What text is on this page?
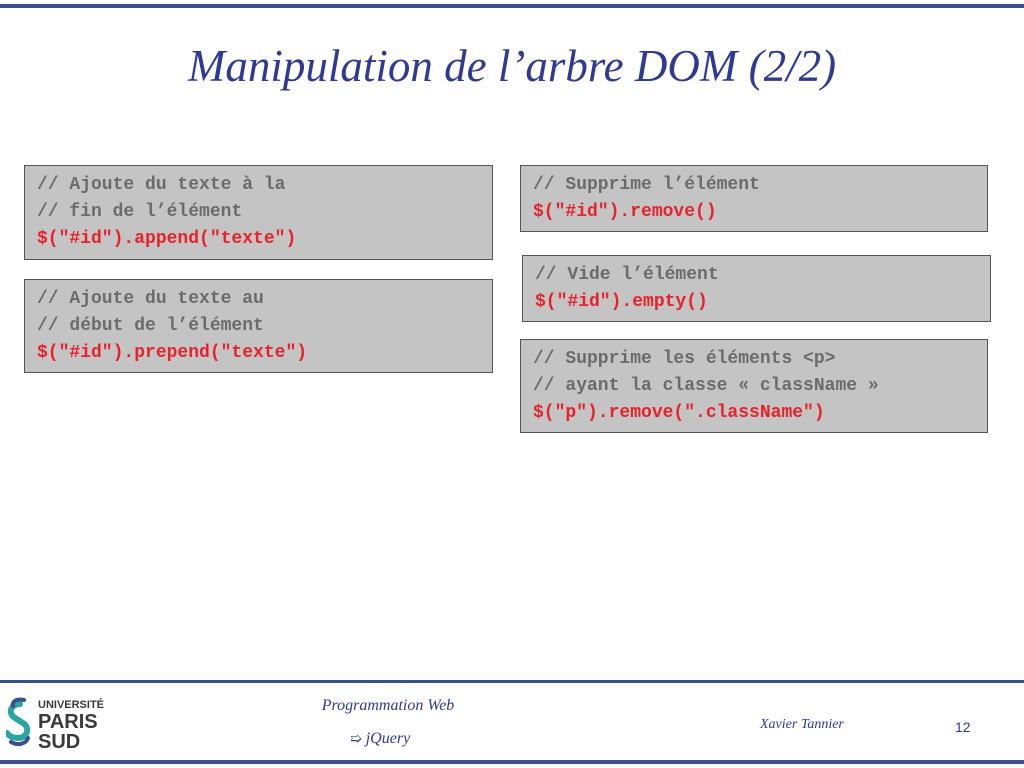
Manipulation de l’arbre DOM (2/2)
// Ajoute du texte à la
// fin de l’élément
$("#id").append("texte")
// Ajoute du texte au
// début de l’élément
$("#id").prepend("texte")
// Supprime l’élément
$("#id").remove()
// Vide l’élément
$("#id").empty()
// Supprime les éléments <p>
// ayant la classe « className »
$("p").remove(".className")
UNIVERSITÉ
PARIS
SUD
Programmation Web
➯ jQuery
Xavier Tannier	12
